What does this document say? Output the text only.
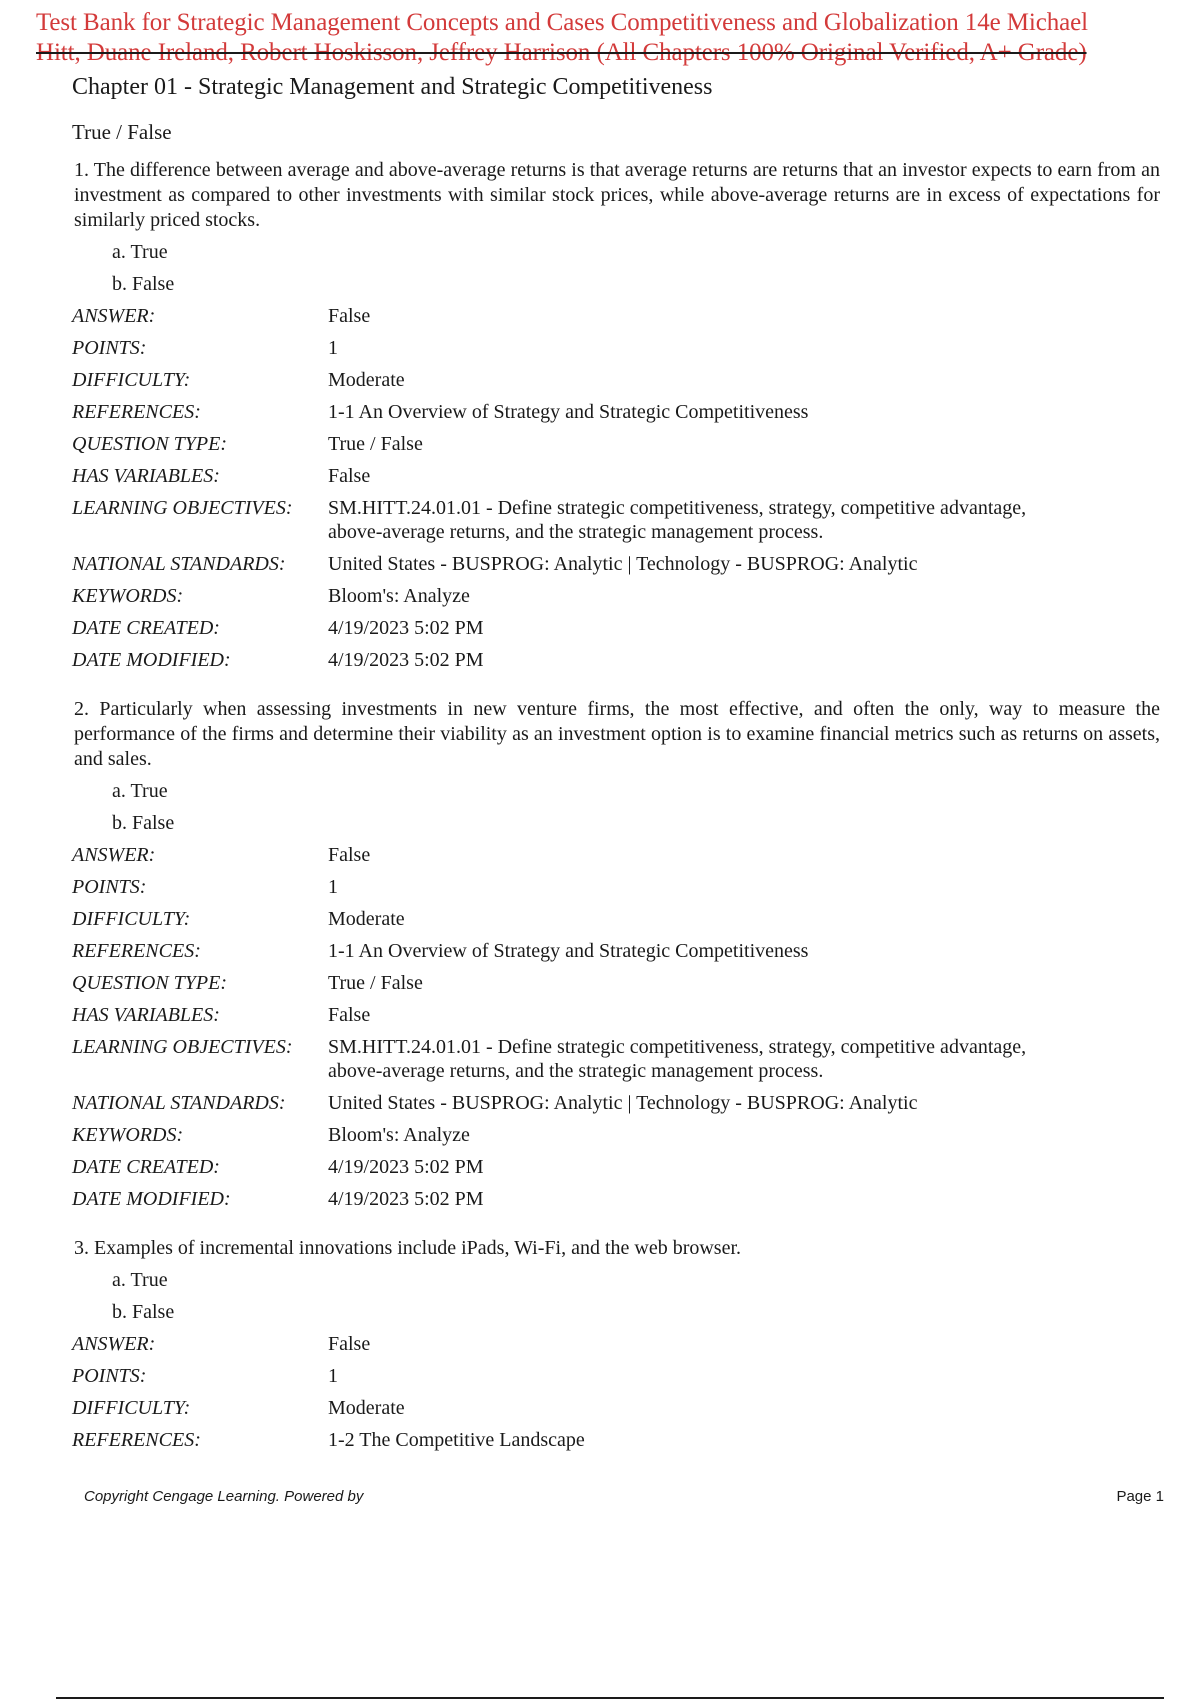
Test Bank for Strategic Management Concepts and Cases Competitiveness and Globalization 14e Michael
Hitt, Duane Ireland, Robert Hoskisson, Jeffrey Harrison (All Chapters 100% Original Verified, A+ Grade)
Chapter 01 - Strategic Management and Strategic Competitiveness
True / False

1. The difference between average and above-average returns is that average returns are returns that an investor expects to earn from an investment as compared to other investments with similar stock prices, while above-average returns are in excess of expectations for similarly priced stocks.

a. True
b. False
ANSWER:	False
POINTS:	1
DIFFICULTY:	Moderate
REFERENCES:	1-1 An Overview of Strategy and Strategic Competitiveness
QUESTION TYPE:	True / False
HAS VARIABLES:	False
LEARNING OBJECTIVES:	SM.HITT.24.01.01 - Define strategic competitiveness, strategy, competitive advantage, above-average returns, and the strategic management process.
NATIONAL STANDARDS:	United States - BUSPROG: Analytic | Technology - BUSPROG: Analytic
KEYWORDS:	Bloom's: Analyze
DATE CREATED:	4/19/2023 5:02 PM
DATE MODIFIED:	4/19/2023 5:02 PM

2. Particularly when assessing investments in new venture firms, the most effective, and often the only, way to measure the performance of the firms and determine their viability as an investment option is to examine financial metrics such as returns on assets, and sales.

a. True
b. False
ANSWER:	False
POINTS:	1
DIFFICULTY:	Moderate
REFERENCES:	1-1 An Overview of Strategy and Strategic Competitiveness
QUESTION TYPE:	True / False
HAS VARIABLES:	False
LEARNING OBJECTIVES:	SM.HITT.24.01.01 - Define strategic competitiveness, strategy, competitive advantage, above-average returns, and the strategic management process.
NATIONAL STANDARDS:	United States - BUSPROG: Analytic | Technology - BUSPROG: Analytic
KEYWORDS:	Bloom's: Analyze
DATE CREATED:	4/19/2023 5:02 PM
DATE MODIFIED:	4/19/2023 5:02 PM

3. Examples of incremental innovations include iPads, Wi-Fi, and the web browser.

a. True
b. False
ANSWER:	False
POINTS:	1
DIFFICULTY:	Moderate
REFERENCES:	1-2 The Competitive Landscape
Copyright Cengage Learning. Powered by	Page 1
